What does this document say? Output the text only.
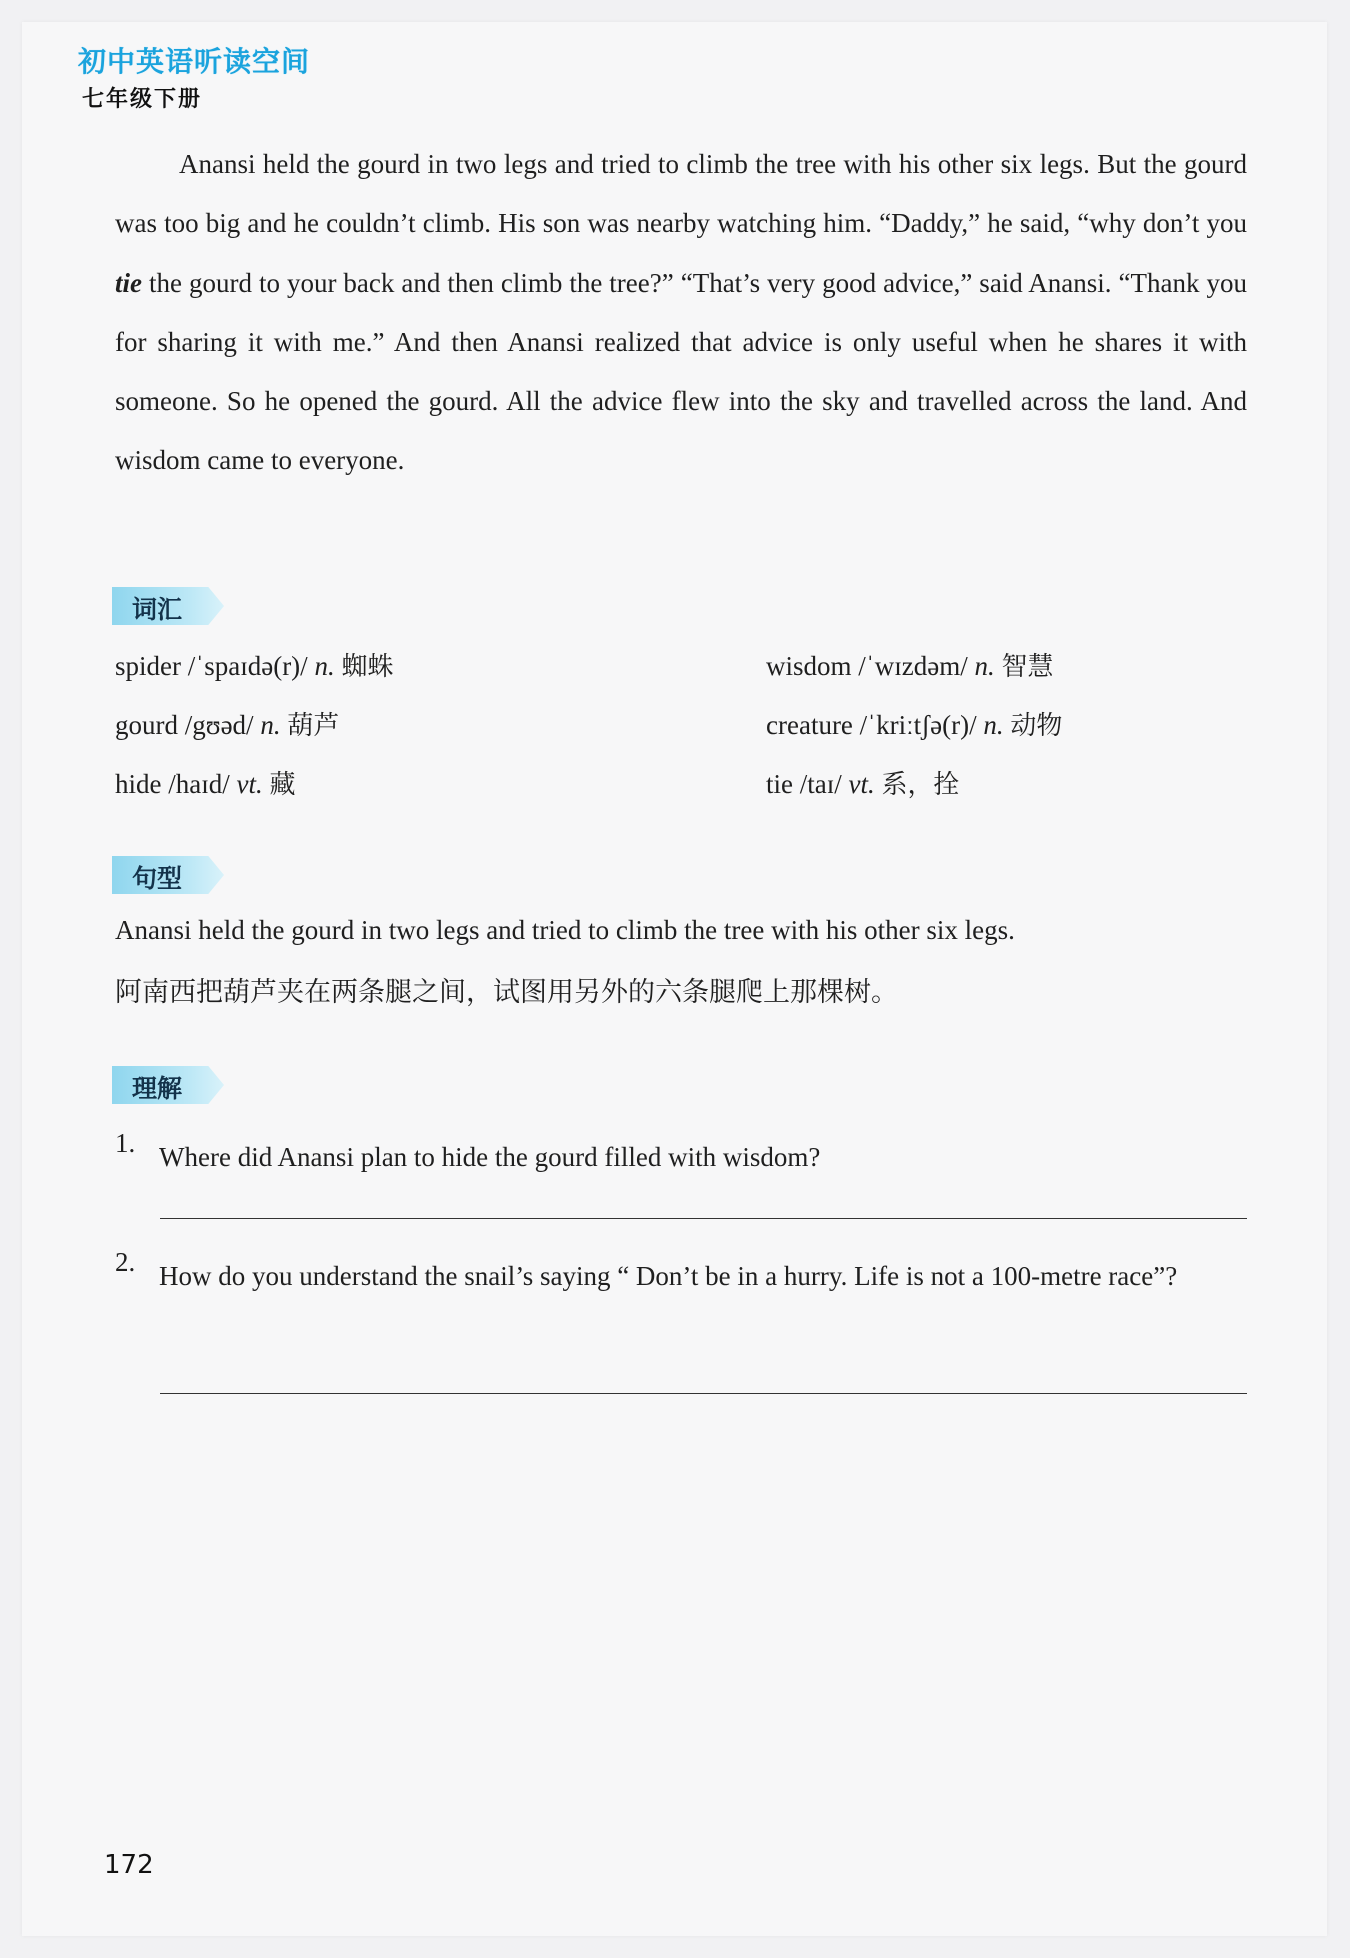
初中英语听读空间
七年级下册

Anansi held the gourd in two legs and tried to climb the tree with his other six legs. But the gourd was too big and he couldn’t climb. His son was nearby watching him. “Daddy,” he said, “why don’t you tie the gourd to your back and then climb the tree?” “That’s very good advice,” said Anansi. “Thank you for sharing it with me.” And then Anansi realized that advice is only useful when he shares it with someone. So he opened the gourd. All the advice flew into the sky and travelled across the land. And wisdom came to everyone.

词汇
spider /ˈspaɪdə(r)/ n. 蜘蛛	wisdom /ˈwɪzdəm/ n. 智慧
gourd /gʊəd/ n. 葫芦	creature /ˈkriːtʃə(r)/ n. 动物
hide /haɪd/ vt. 藏	tie /taɪ/ vt. 系，拴
句型
Anansi held the gourd in two legs and tried to climb the tree with his other six legs.
阿南西把葫芦夹在两条腿之间，试图用另外的六条腿爬上那棵树。
理解
1. Where did Anansi plan to hide the gourd filled with wisdom?
2. How do you understand the snail’s saying “ Don’t be in a hurry. Life is not a 100-metre race”?
172
